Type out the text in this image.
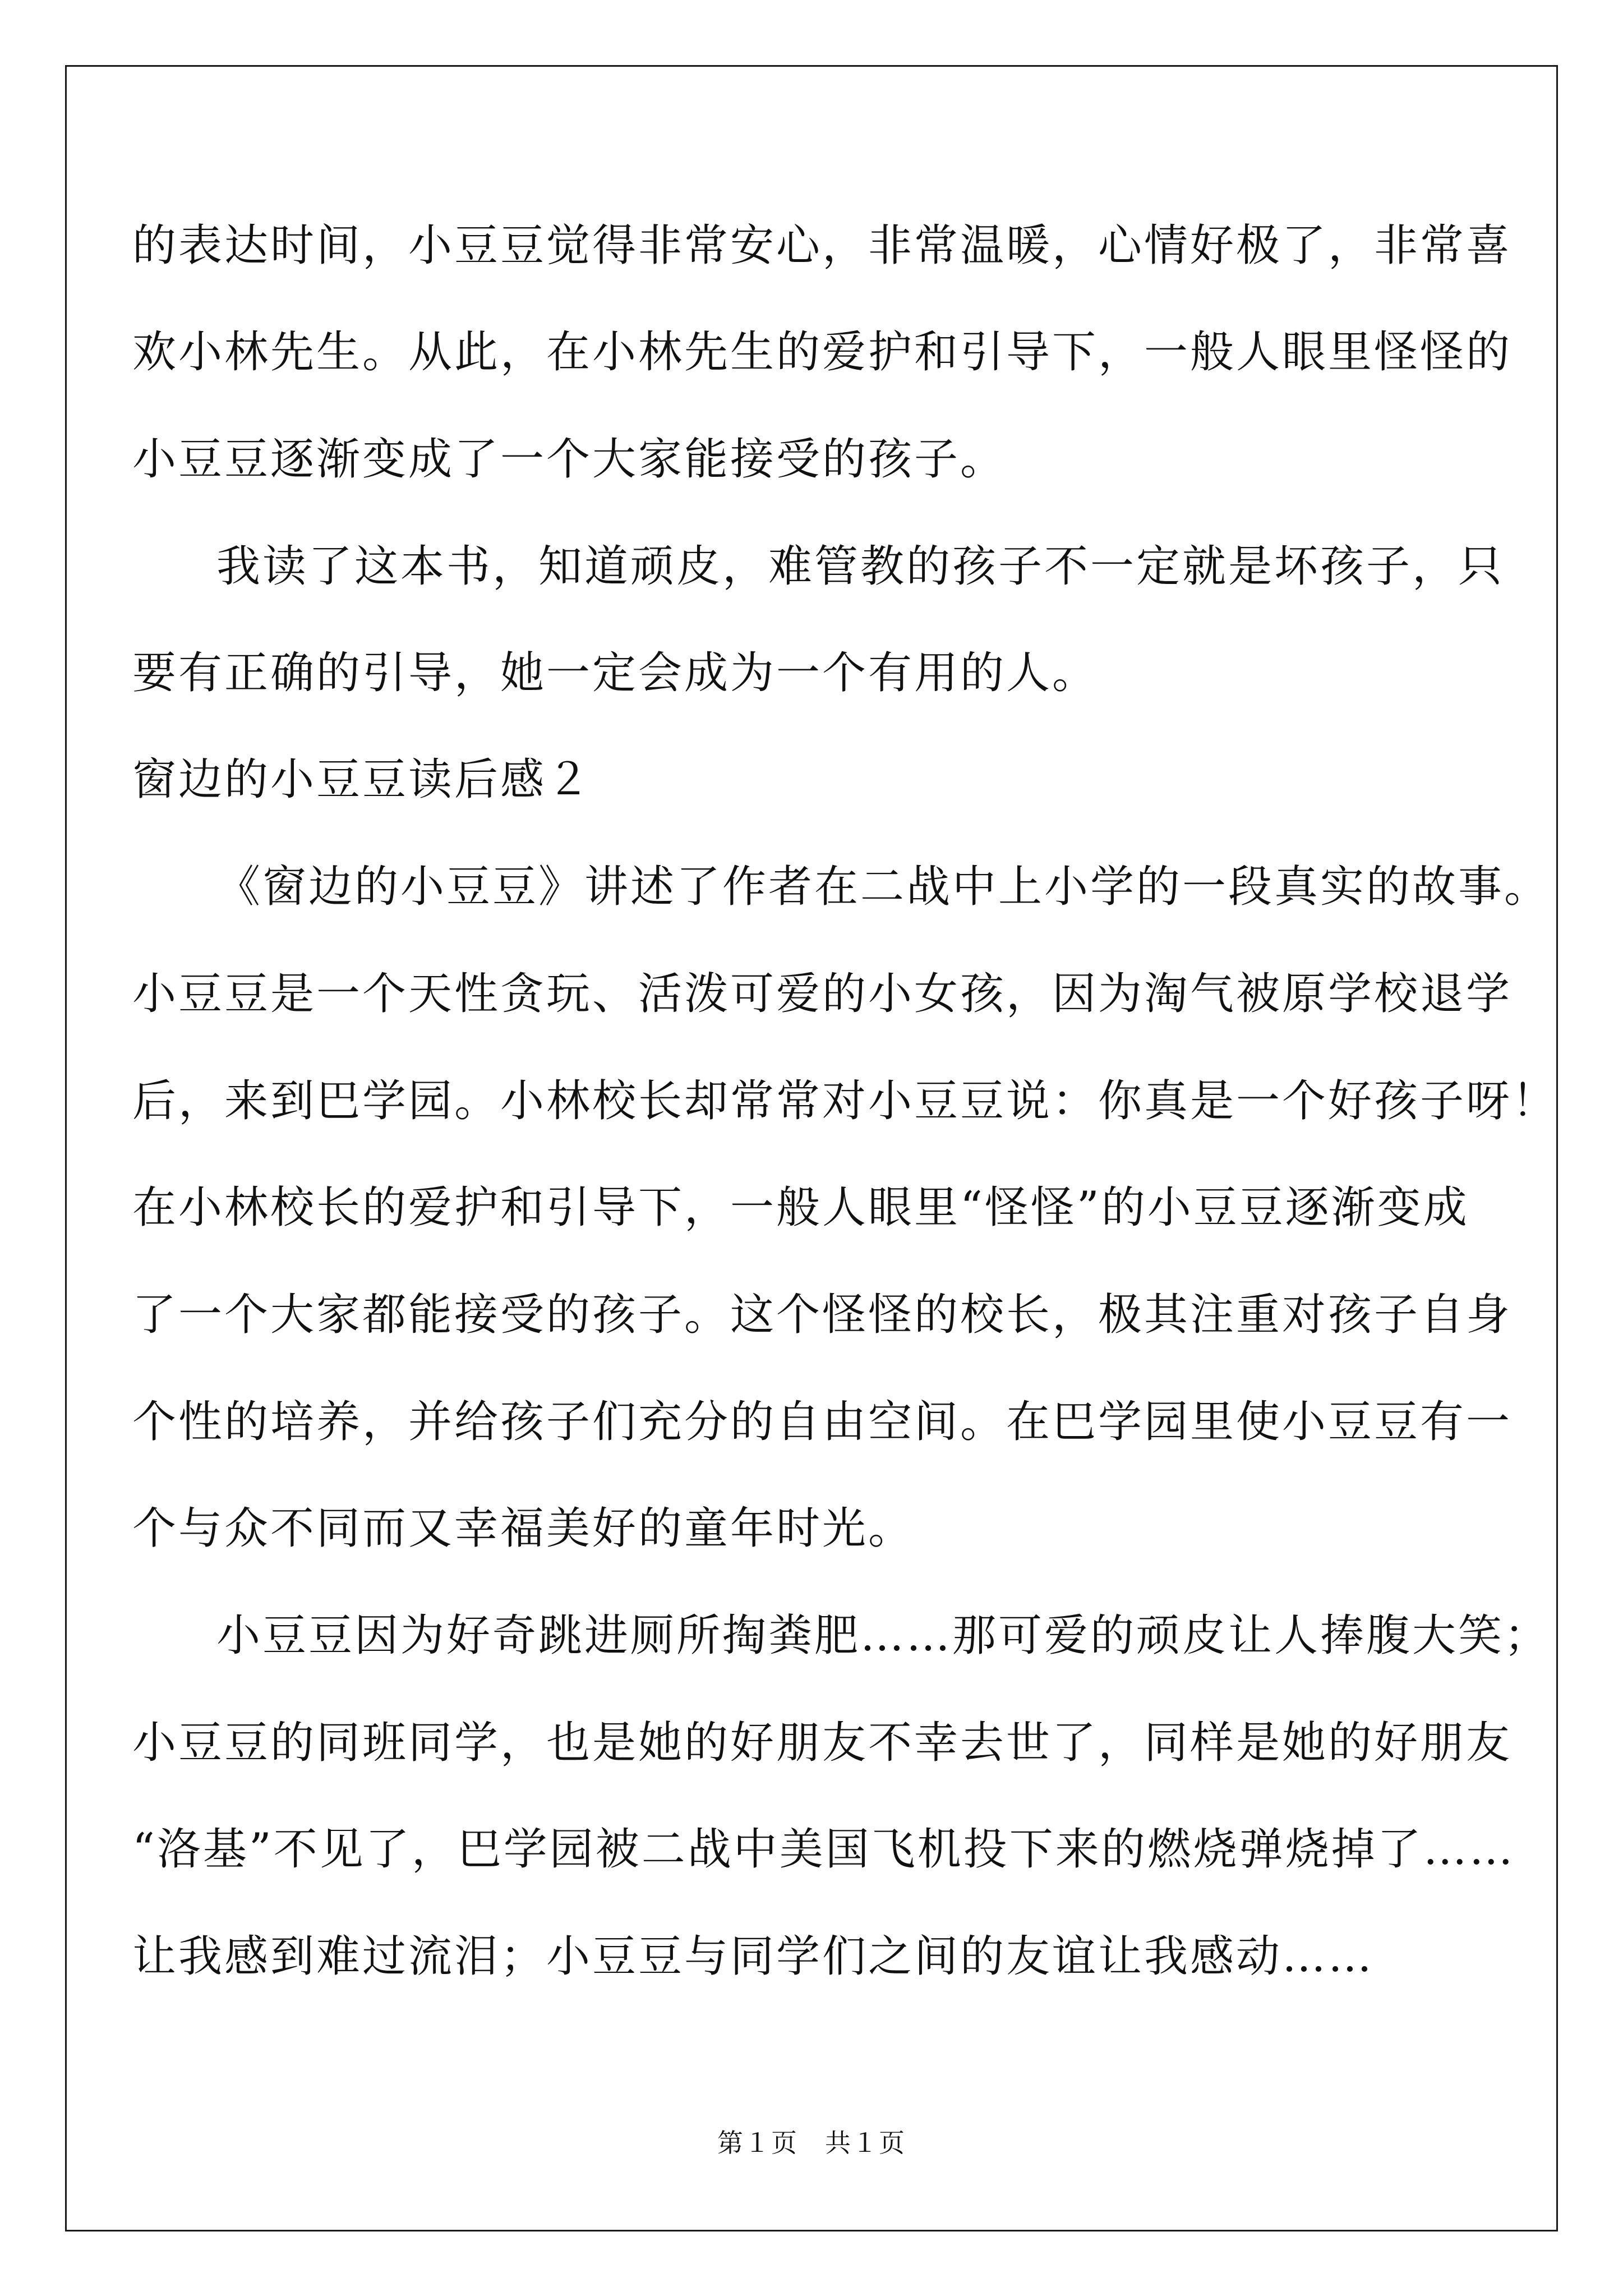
的表达时间，小豆豆觉得非常安心，非常温暖，心情好极了，非常喜
欢小林先生。从此，在小林先生的爱护和引导下，一般人眼里怪怪的
小豆豆逐渐变成了一个大家能接受的孩子。
我读了这本书，知道顽皮，难管教的孩子不一定就是坏孩子，只
要有正确的引导，她一定会成为一个有用的人。
窗边的小豆豆读后感２
《窗边的小豆豆》讲述了作者在二战中上小学的一段真实的故事。
小豆豆是一个天性贪玩、活泼可爱的小女孩，因为淘气被原学校退学
后，来到巴学园。小林校长却常常对小豆豆说：你真是一个好孩子呀！
在小林校长的爱护和引导下，一般人眼里“怪怪”的小豆豆逐渐变成
了一个大家都能接受的孩子。这个怪怪的校长，极其注重对孩子自身
个性的培养，并给孩子们充分的自由空间。在巴学园里使小豆豆有一
个与众不同而又幸福美好的童年时光。
小豆豆因为好奇跳进厕所掏粪肥……那可爱的顽皮让人捧腹大笑；
小豆豆的同班同学，也是她的好朋友不幸去世了，同样是她的好朋友
“洛基”不见了，巴学园被二战中美国飞机投下来的燃烧弹烧掉了……
让我感到难过流泪；小豆豆与同学们之间的友谊让我感动……
第１页　共１页
